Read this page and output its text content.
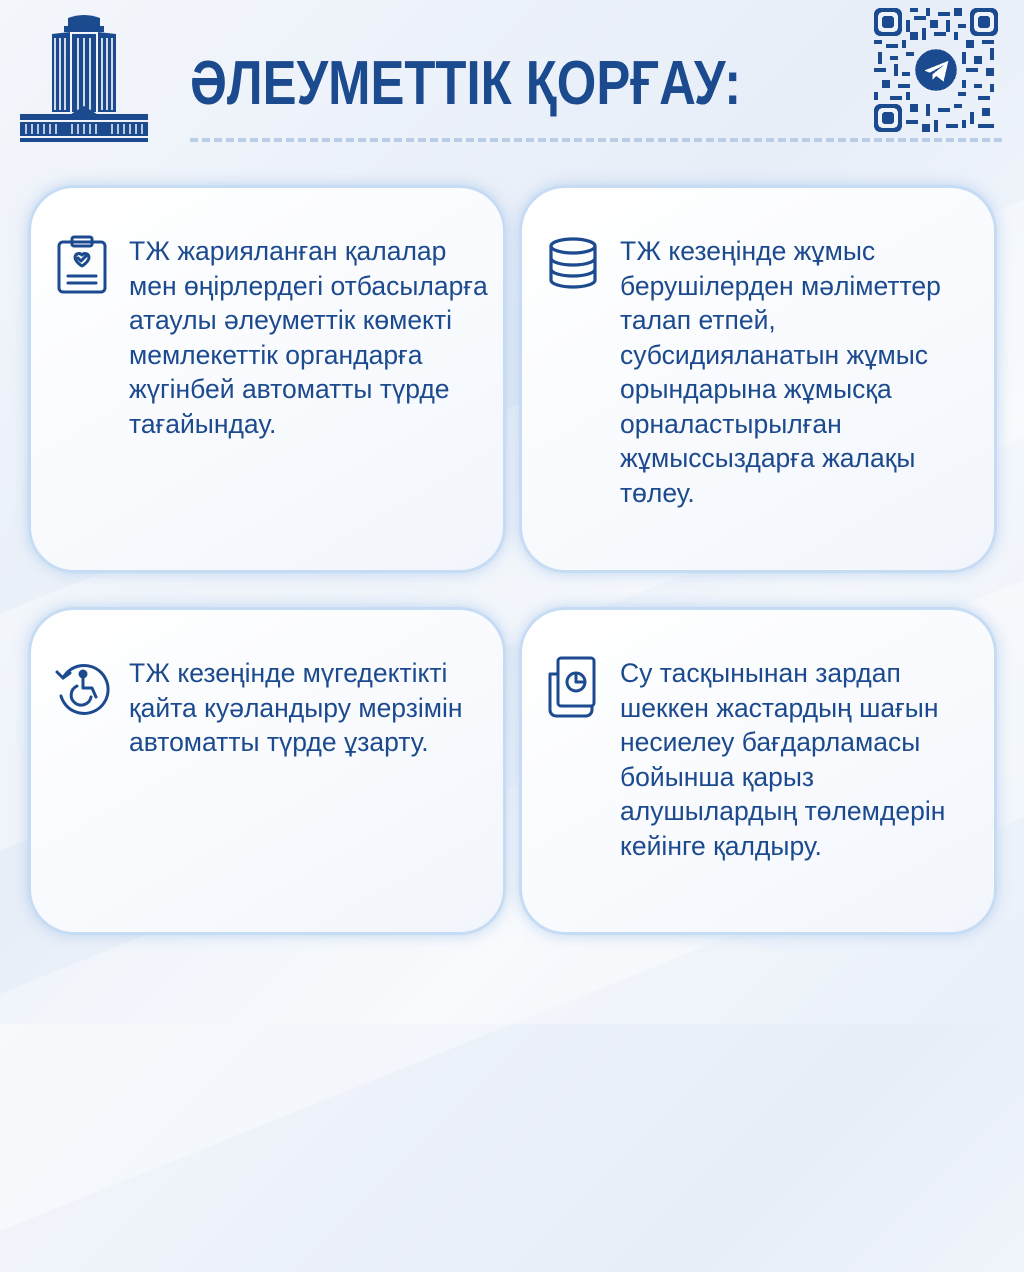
ӘЛЕУМЕТТІК ҚОРҒАУ:
ТЖ жарияланған қалалар мен өңірлердегі отбасыларға атаулы әлеуметтік көмекті мемлекеттік органдарға жүгінбей автоматты түрде тағайындау.
ТЖ кезеңінде жұмыс берушілерден мәліметтер талап етпей, субсидияланатын жұмыс орындарына жұмысқа орналастырылған жұмыссыздарға жалақы төлеу.
ТЖ кезеңінде мүгедектікті қайта куәландыру мерзімін автоматты түрде ұзарту.
Су тасқынынан зардап шеккен жастардың шағын несиелеу бағдарламасы бойынша қарыз алушылардың төлемдерін кейінге қалдыру.
